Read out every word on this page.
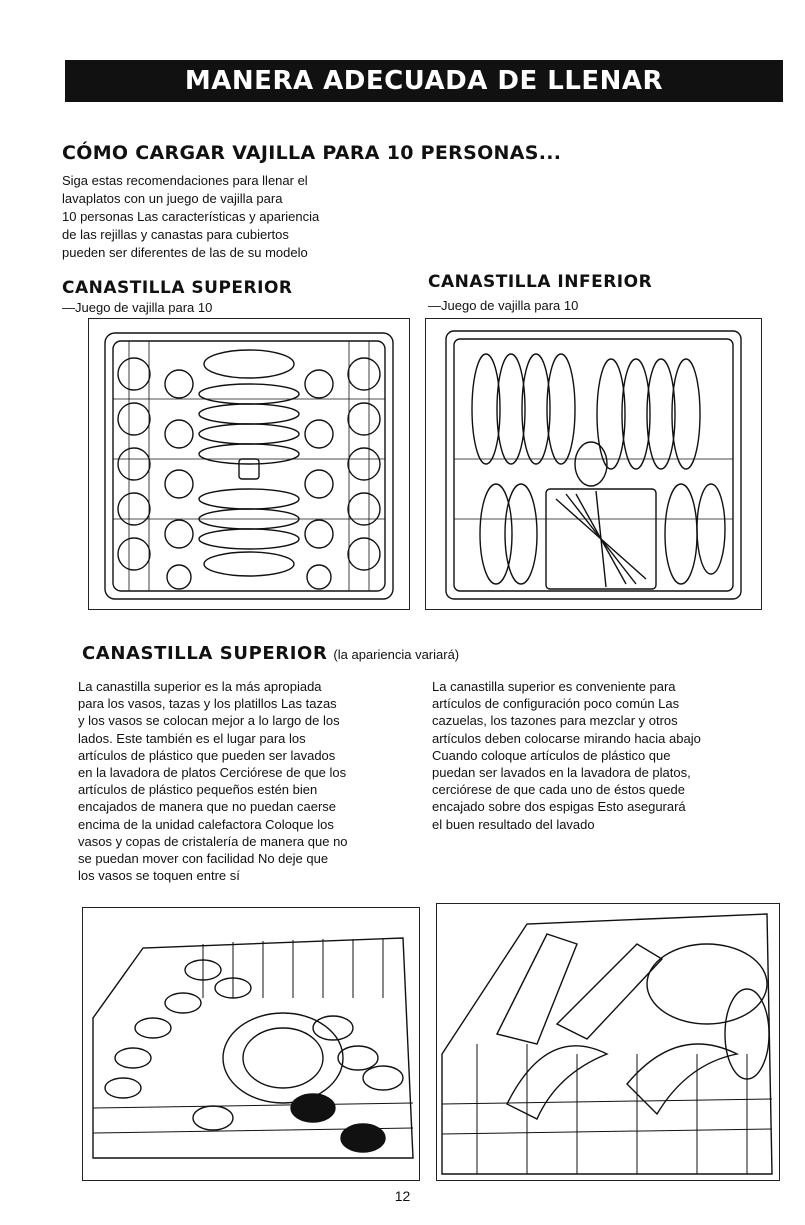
MANERA ADECUADA DE LLENAR
CÓMO CARGAR VAJILLA PARA 10 PERSONAS...
Siga estas recomendaciones para llenar el
lavaplatos con un juego de vajilla para
10 personas Las características y apariencia
de las rejillas y canastas para cubiertos
pueden ser diferentes de las de su modelo
CANASTILLA SUPERIOR
—Juego de vajilla para 10
CANASTILLA INFERIOR
—Juego de vajilla para 10
CANASTILLA SUPERIOR (la apariencia variará)
La canastilla superior es la más apropiada
para los vasos, tazas y los platillos Las tazas
y los vasos se colocan mejor a lo largo de los
lados. Este también es el lugar para los
artículos de plástico que pueden ser lavados
en la lavadora de platos Cerciórese de que los
artículos de plástico pequeños estén bien
encajados de manera que no puedan caerse
encima de la unidad calefactora Coloque los
vasos y copas de cristalería de manera que no
se puedan mover con facilidad No deje que
los vasos se toquen entre sí
La canastilla superior es conveniente para
artículos de configuración poco común Las
cazuelas, los tazones para mezclar y otros
artículos deben colocarse mirando hacia abajo
Cuando coloque artículos de plástico que
puedan ser lavados en la lavadora de platos,
cerciórese de que cada uno de éstos quede
encajado sobre dos espigas Esto asegurará
el buen resultado del lavado
12
